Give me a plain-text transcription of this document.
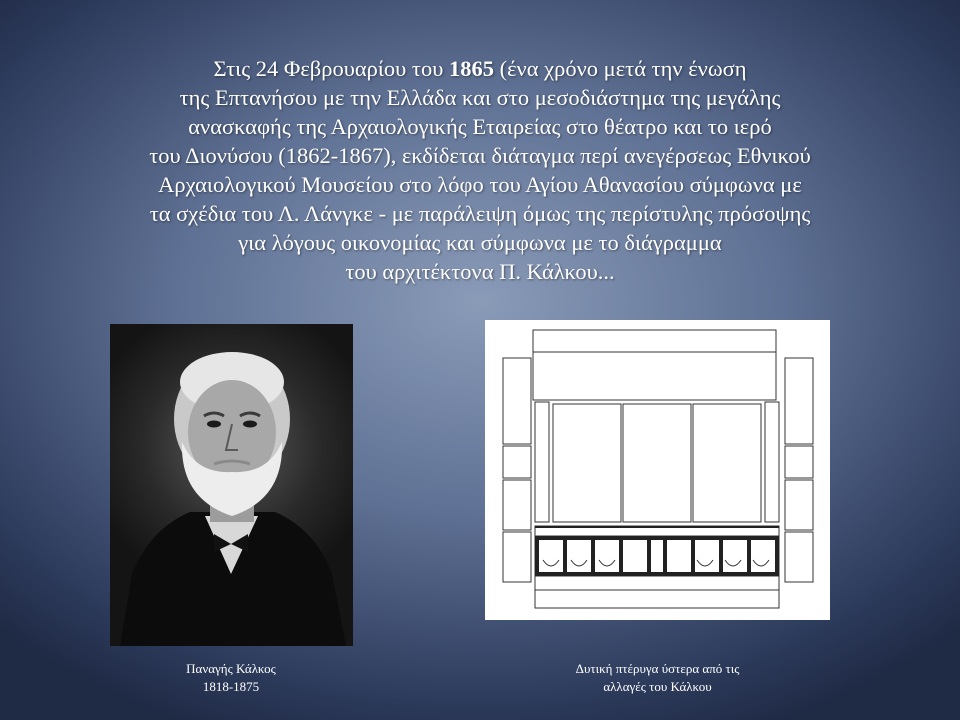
Στις 24 Φεβρουαρίου του 1865 (ένα χρόνο μετά την ένωση
της Επτανήσου με την Ελλάδα και στο μεσοδιάστημα της μεγάλης
ανασκαφής της Αρχαιολογικής Εταιρείας στο θέατρο και το ιερό
του Διονύσου (1862-1867), εκδίδεται διάταγμα περί ανεγέρσεως Εθνικού
Αρχαιολογικού Μουσείου στο λόφο του Αγίου Αθανασίου σύμφωνα με
τα σχέδια του Λ. Λάνγκε - με παράλειψη όμως της περίστυλης πρόσοψης
για λόγους οικονομίας και σύμφωνα με το διάγραμμα
του αρχιτέκτονα Π. Κάλκου...

Παναγής Κάλκος
1818-1875

Δυτική πτέρυγα ύστερα από τις
αλλαγές του Κάλκου
